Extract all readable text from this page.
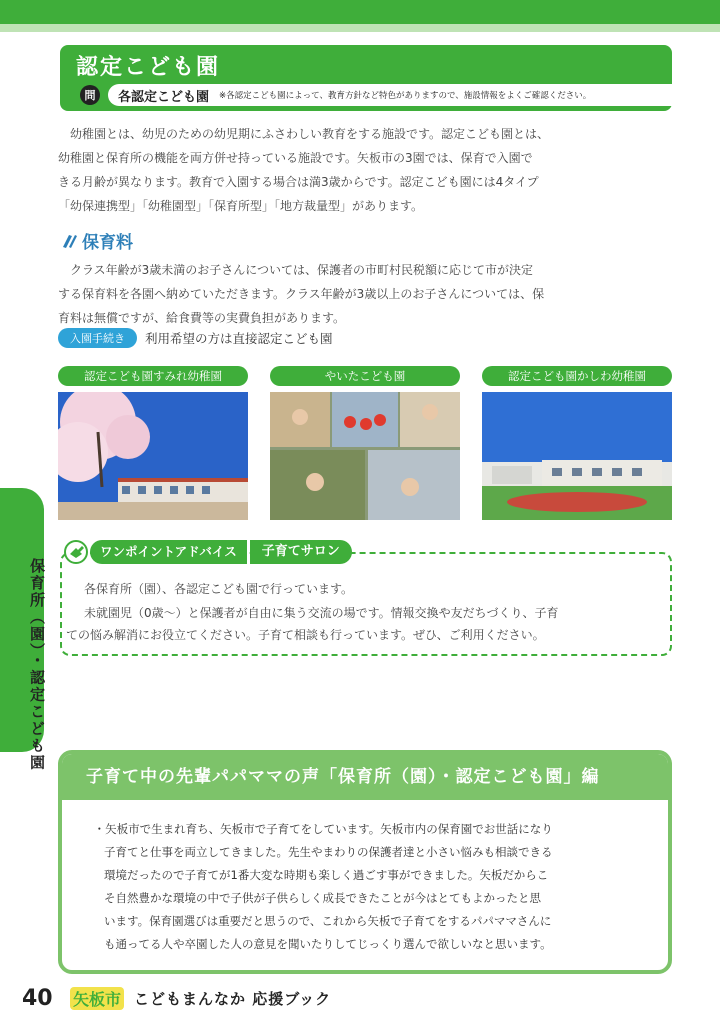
保育所（園）・認定こども園
認定こども園
問	各認定こども園 ※各認定こども園によって、教育方針など特色がありますので、施設情報をよくご確認ください。
幼稚園とは、幼児のための幼児期にふさわしい教育をする施設です。認定こども園とは、
幼稚園と保育所の機能を両方併せ持っている施設です。矢板市の3園では、保育で入園で
きる月齢が異なります。教育で入園する場合は満3歳からです。認定こども園には4タイプ
「幼保連携型」「幼稚園型」「保育所型」「地方裁量型」があります。
保育料
クラス年齢が3歳未満のお子さんについては、保護者の市町村民税額に応じて市が決定
する保育料を各園へ納めていただきます。クラス年齢が3歳以上のお子さんについては、保
育料は無償ですが、給食費等の実費負担があります。
入園手続き	利用希望の方は直接認定こども園
認定こども園すみれ幼稚園	やいたこども園	認定こども園かしわ幼稚園
ワンポイントアドバイス	子育てサロン
各保育所（園）、各認定こども園で行っています。
未就園児（0歳～）と保護者が自由に集う交流の場です。情報交換や友だちづくり、子育
ての悩み解消にお役立てください。子育て相談も行っています。ぜひ、ご利用ください。
子育て中の先輩パパママの声「保育所（園）・認定こども園」編

・矢板市で生まれ育ち、矢板市で子育てをしています。矢板市内の保育園でお世話になり

子育てと仕事を両立してきました。先生やまわりの保護者達と小さい悩みも相談できる

環境だったので子育てが1番大変な時期も楽しく過ごす事ができました。矢板だからこ

そ自然豊かな環境の中で子供が子供らしく成長できたことが今はとてもよかったと思

います。保育園選びは重要だと思うので、これから矢板で子育てをするパパママさんに

も通ってる人や卒園した人の意見を聞いたりしてじっくり選んで欲しいなと思います。

40 矢板市 こどもまんなか 応援ブック
